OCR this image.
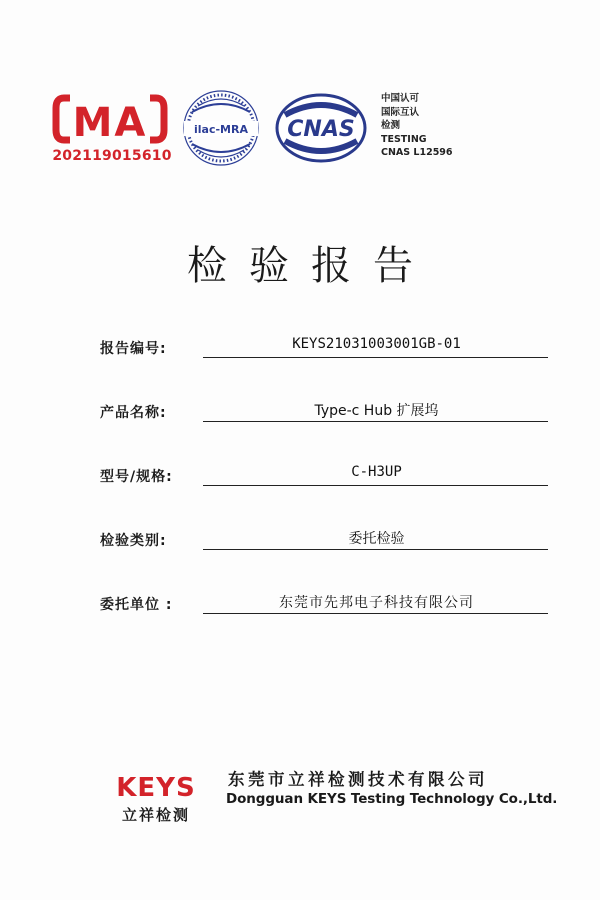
MA
202119015610
ilac-MRA CNAS
中国认可
国际互认
检测
TESTING
CNAS L12596
检验报告
报告编号:	KEYS21031003001GB-01
产品名称:	Type-c Hub 扩展坞
型号/规格:	C-H3UP
检验类别:	委托检验
委托单位 :	东莞市先邦电子科技有限公司
KEYS
立祥检测
东莞市立祥检测技术有限公司
Dongguan KEYS Testing Technology Co.,Ltd.
